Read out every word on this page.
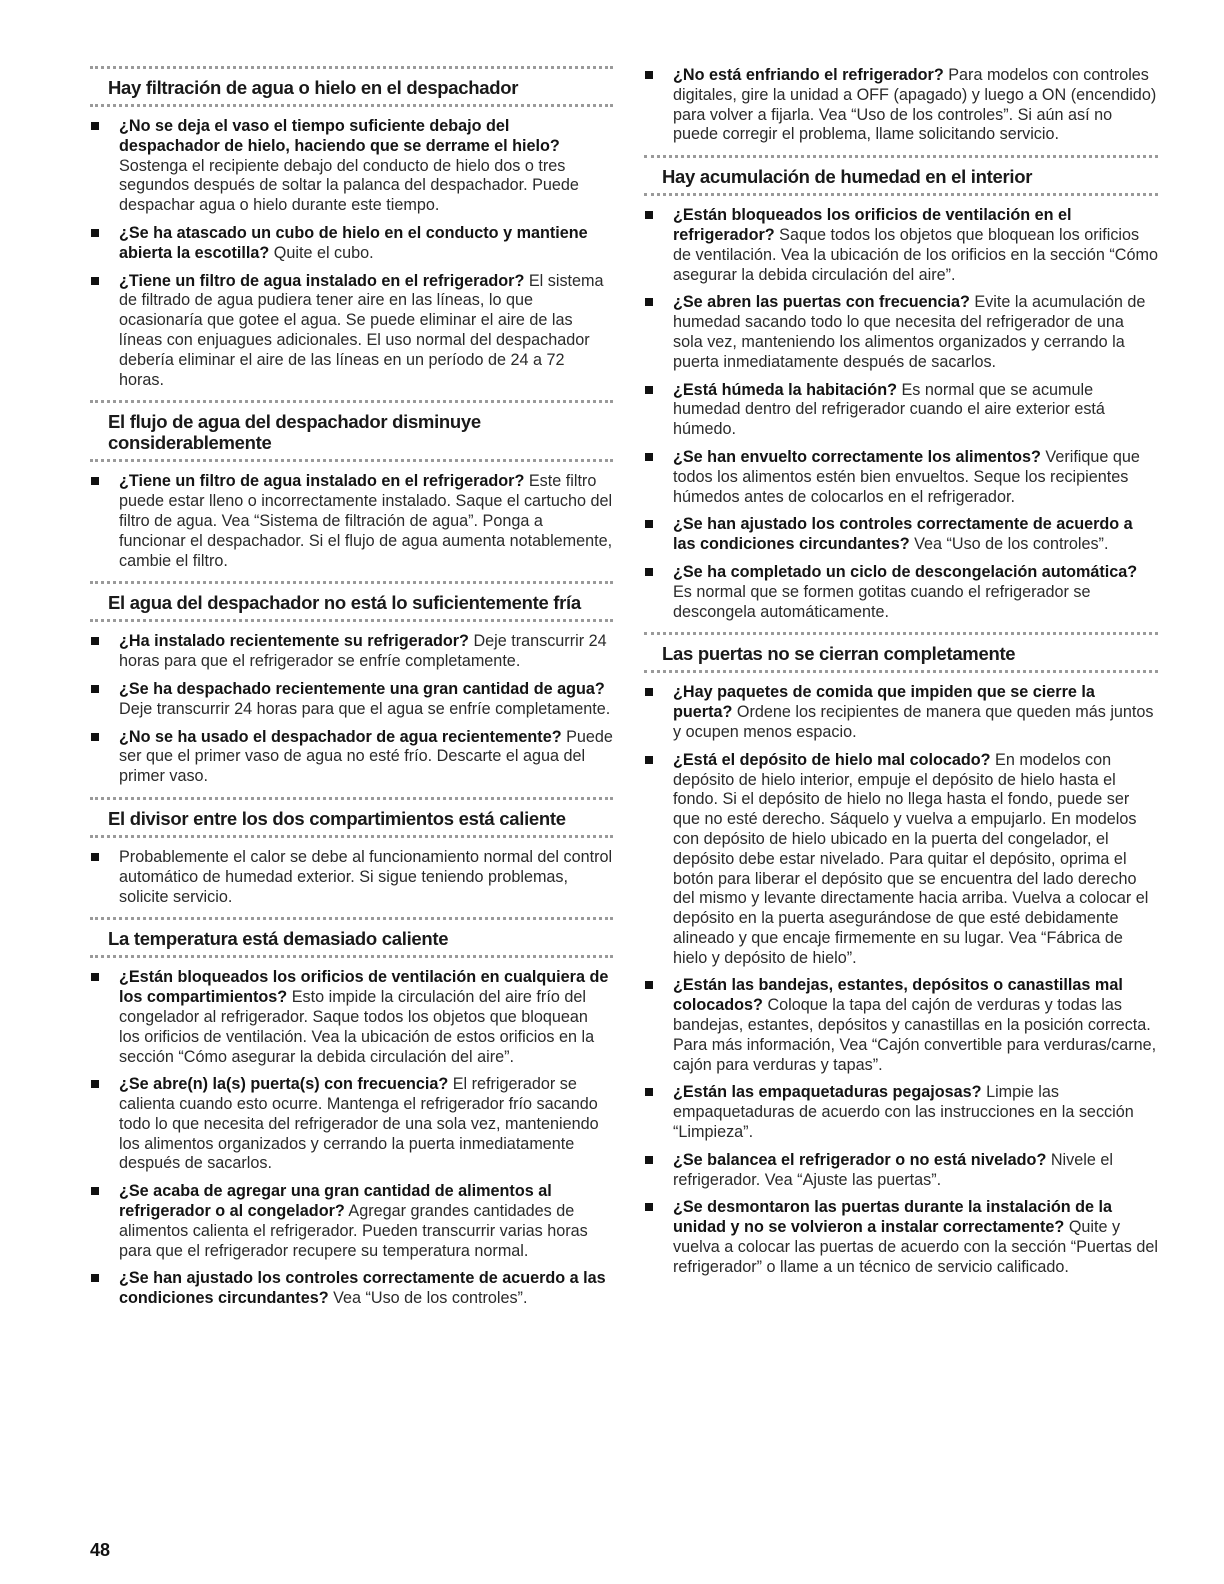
Hay filtración de agua o hielo en el despachador
¿No se deja el vaso el tiempo suficiente debajo del despachador de hielo, haciendo que se derrame el hielo? Sostenga el recipiente debajo del conducto de hielo dos o tres segundos después de soltar la palanca del despachador. Puede despachar agua o hielo durante este tiempo.
¿Se ha atascado un cubo de hielo en el conducto y mantiene abierta la escotilla? Quite el cubo.
¿Tiene un filtro de agua instalado en el refrigerador? El sistema de filtrado de agua pudiera tener aire en las líneas, lo que ocasionaría que gotee el agua. Se puede eliminar el aire de las líneas con enjuagues adicionales. El uso normal del despachador debería eliminar el aire de las líneas en un período de 24 a 72 horas.
El flujo de agua del despachador disminuye considerablemente
¿Tiene un filtro de agua instalado en el refrigerador? Este filtro puede estar lleno o incorrectamente instalado. Saque el cartucho del filtro de agua. Vea “Sistema de filtración de agua”. Ponga a funcionar el despachador. Si el flujo de agua aumenta notablemente, cambie el filtro.
El agua del despachador no está lo suficientemente fría
¿Ha instalado recientemente su refrigerador? Deje transcurrir 24 horas para que el refrigerador se enfríe completamente.
¿Se ha despachado recientemente una gran cantidad de agua? Deje transcurrir 24 horas para que el agua se enfríe completamente.
¿No se ha usado el despachador de agua recientemente? Puede ser que el primer vaso de agua no esté frío. Descarte el agua del primer vaso.
El divisor entre los dos compartimientos está caliente
Probablemente el calor se debe al funcionamiento normal del control automático de humedad exterior. Si sigue teniendo problemas, solicite servicio.
La temperatura está demasiado caliente
¿Están bloqueados los orificios de ventilación en cualquiera de los compartimientos? Esto impide la circulación del aire frío del congelador al refrigerador. Saque todos los objetos que bloquean los orificios de ventilación. Vea la ubicación de estos orificios en la sección “Cómo asegurar la debida circulación del aire”.
¿Se abre(n) la(s) puerta(s) con frecuencia? El refrigerador se calienta cuando esto ocurre. Mantenga el refrigerador frío sacando todo lo que necesita del refrigerador de una sola vez, manteniendo los alimentos organizados y cerrando la puerta inmediatamente después de sacarlos.
¿Se acaba de agregar una gran cantidad de alimentos al refrigerador o al congelador? Agregar grandes cantidades de alimentos calienta el refrigerador. Pueden transcurrir varias horas para que el refrigerador recupere su temperatura normal.
¿Se han ajustado los controles correctamente de acuerdo a las condiciones circundantes? Vea “Uso de los controles”.
¿No está enfriando el refrigerador? Para modelos con controles digitales, gire la unidad a OFF (apagado) y luego a ON (encendido) para volver a fijarla. Vea “Uso de los controles”. Si aún así no puede corregir el problema, llame solicitando servicio.
Hay acumulación de humedad en el interior
¿Están bloqueados los orificios de ventilación en el refrigerador? Saque todos los objetos que bloquean los orificios de ventilación. Vea la ubicación de los orificios en la sección “Cómo asegurar la debida circulación del aire”.
¿Se abren las puertas con frecuencia? Evite la acumulación de humedad sacando todo lo que necesita del refrigerador de una sola vez, manteniendo los alimentos organizados y cerrando la puerta inmediatamente después de sacarlos.
¿Está húmeda la habitación? Es normal que se acumule humedad dentro del refrigerador cuando el aire exterior está húmedo.
¿Se han envuelto correctamente los alimentos? Verifique que todos los alimentos estén bien envueltos. Seque los recipientes húmedos antes de colocarlos en el refrigerador.
¿Se han ajustado los controles correctamente de acuerdo a las condiciones circundantes? Vea “Uso de los controles”.
¿Se ha completado un ciclo de descongelación automática? Es normal que se formen gotitas cuando el refrigerador se descongela automáticamente.
Las puertas no se cierran completamente
¿Hay paquetes de comida que impiden que se cierre la puerta? Ordene los recipientes de manera que queden más juntos y ocupen menos espacio.
¿Está el depósito de hielo mal colocado? En modelos con depósito de hielo interior, empuje el depósito de hielo hasta el fondo. Si el depósito de hielo no llega hasta el fondo, puede ser que no esté derecho. Sáquelo y vuelva a empujarlo. En modelos con depósito de hielo ubicado en la puerta del congelador, el depósito debe estar nivelado. Para quitar el depósito, oprima el botón para liberar el depósito que se encuentra del lado derecho del mismo y levante directamente hacia arriba. Vuelva a colocar el depósito en la puerta asegurándose de que esté debidamente alineado y que encaje firmemente en su lugar. Vea “Fábrica de hielo y depósito de hielo”.
¿Están las bandejas, estantes, depósitos o canastillas mal colocados? Coloque la tapa del cajón de verduras y todas las bandejas, estantes, depósitos y canastillas en la posición correcta. Para más información, Vea “Cajón convertible para verduras/carne, cajón para verduras y tapas”.
¿Están las empaquetaduras pegajosas? Limpie las empaquetaduras de acuerdo con las instrucciones en la sección “Limpieza”.
¿Se balancea el refrigerador o no está nivelado? Nivele el refrigerador. Vea “Ajuste las puertas”.
¿Se desmontaron las puertas durante la instalación de la unidad y no se volvieron a instalar correctamente? Quite y vuelva a colocar las puertas de acuerdo con la sección “Puertas del refrigerador” o llame a un técnico de servicio calificado.
48
